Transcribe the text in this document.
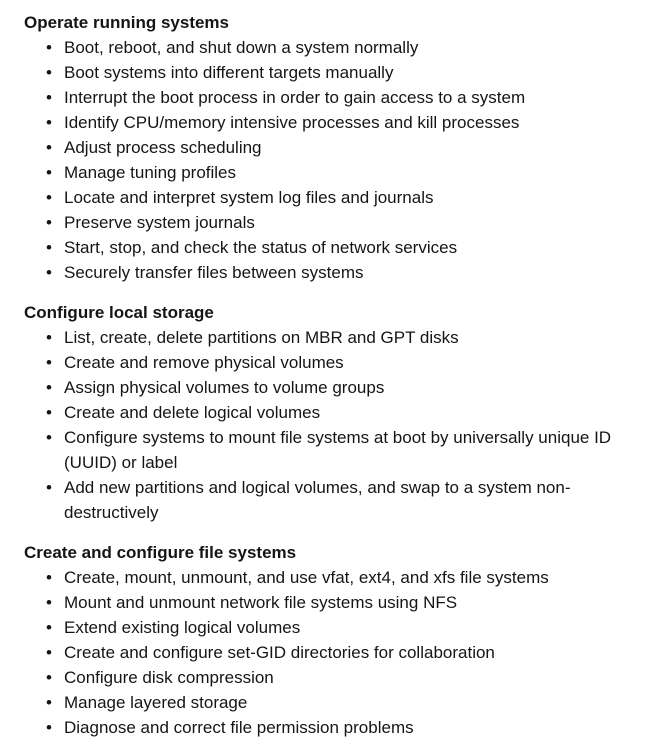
Operate running systems

• Boot, reboot, and shut down a system normally
• Boot systems into different targets manually
• Interrupt the boot process in order to gain access to a system
• Identify CPU/memory intensive processes and kill processes
• Adjust process scheduling
• Manage tuning profiles
• Locate and interpret system log files and journals
• Preserve system journals
• Start, stop, and check the status of network services
• Securely transfer files between systems

Configure local storage

• List, create, delete partitions on MBR and GPT disks
• Create and remove physical volumes
• Assign physical volumes to volume groups
• Create and delete logical volumes
• Configure systems to mount file systems at boot by universally unique ID (UUID) or label
• Add new partitions and logical volumes, and swap to a system non-destructively

Create and configure file systems

• Create, mount, unmount, and use vfat, ext4, and xfs file systems
• Mount and unmount network file systems using NFS
• Extend existing logical volumes
• Create and configure set-GID directories for collaboration
• Configure disk compression
• Manage layered storage
• Diagnose and correct file permission problems
